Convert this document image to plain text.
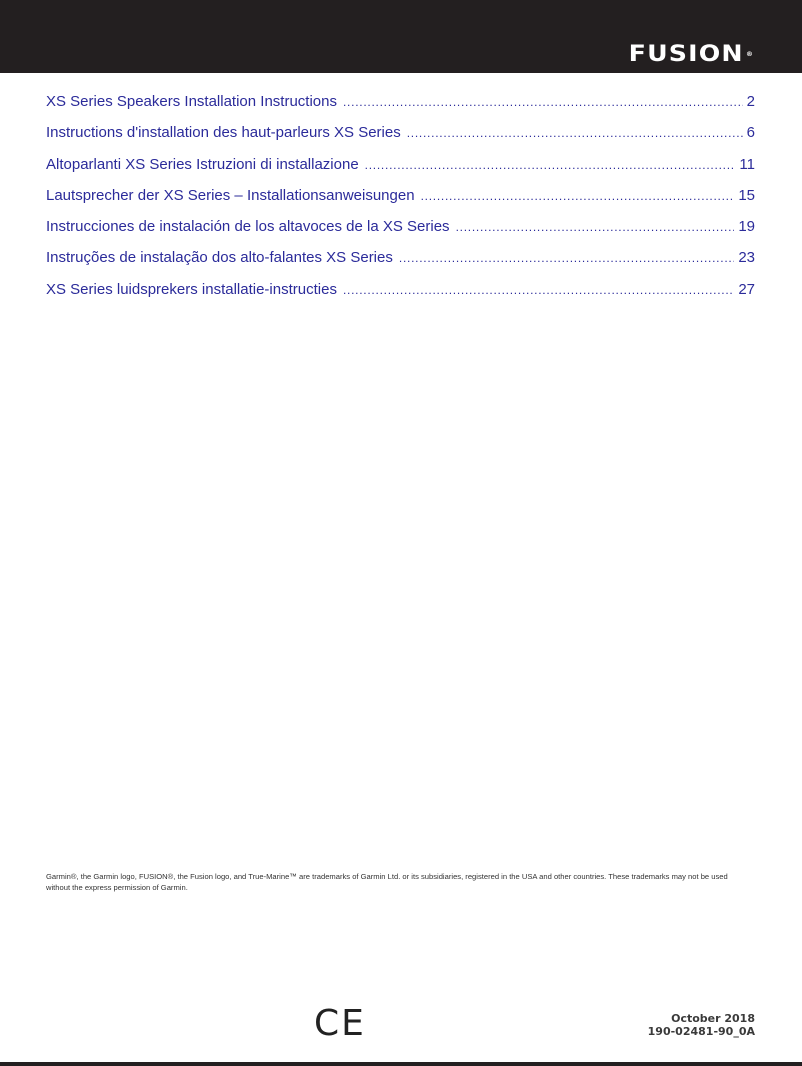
FUSION ®
XS Series Speakers Installation Instructions . . .	2
Instructions d'installation des haut-parleurs XS Series . . .	6
Altoparlanti XS Series Istruzioni di installazione . . .	11
Lautsprecher der XS Series – Installationsanweisungen . . .	15
Instrucciones de instalación de los altavoces de la XS Series . . .	19
Instruções de instalação dos alto-falantes XS Series . . .	23
XS Series luidsprekers installatie-instructies . . .	27
Garmin®, the Garmin logo, FUSION®, the Fusion logo, and True-Marine™ are trademarks of Garmin Ltd. or its subsidiaries, registered in the USA and other countries. These trademarks may not be used without the express permission of Garmin.
CE	October 2018
190-02481-90_0A
